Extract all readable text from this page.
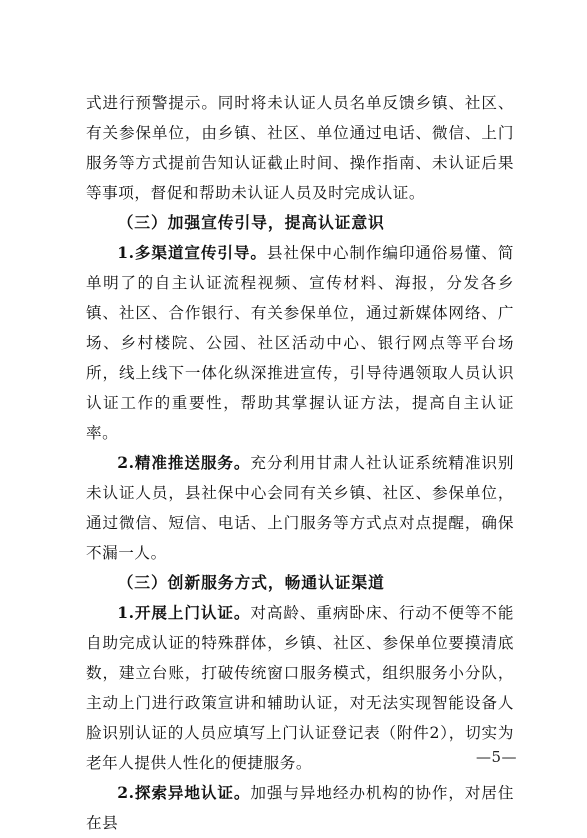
式进行预警提示。同时将未认证人员名单反馈乡镇、社区、有关参保单位，由乡镇、社区、单位通过电话、微信、上门服务等方式提前告知认证截止时间、操作指南、未认证后果等事项，督促和帮助未认证人员及时完成认证。

（三）加强宣传引导，提高认证意识

1.多渠道宣传引导。县社保中心制作编印通俗易懂、简单明了的自主认证流程视频、宣传材料、海报，分发各乡镇、社区、合作银行、有关参保单位，通过新媒体网络、广场、乡村楼院、公园、社区活动中心、银行网点等平台场所，线上线下一体化纵深推进宣传，引导待遇领取人员认识认证工作的重要性，帮助其掌握认证方法，提高自主认证率。

2.精准推送服务。充分利用甘肃人社认证系统精准识别未认证人员，县社保中心会同有关乡镇、社区、参保单位，通过微信、短信、电话、上门服务等方式点对点提醒，确保不漏一人。

（三）创新服务方式，畅通认证渠道

1.开展上门认证。对高龄、重病卧床、行动不便等不能自助完成认证的特殊群体，乡镇、社区、参保单位要摸清底数，建立台账，打破传统窗口服务模式，组织服务小分队，主动上门进行政策宣讲和辅助认证，对无法实现智能设备人脸识别认证的人员应填写上门认证登记表（附件2），切实为老年人提供人性化的便捷服务。

2.探索异地认证。加强与异地经办机构的协作，对居住在县

—5—
